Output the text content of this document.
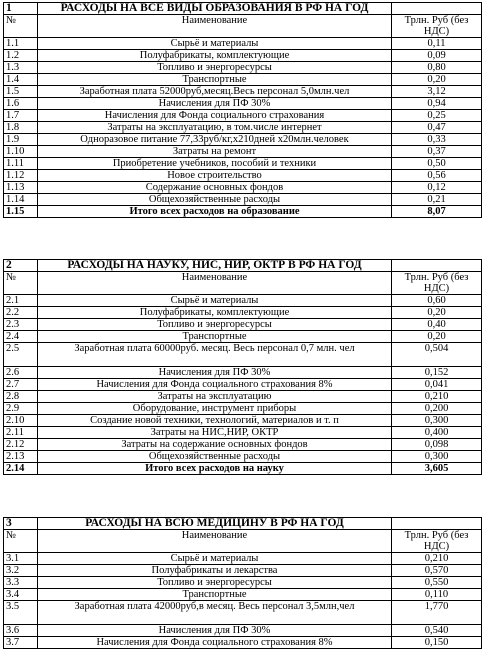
1	РАСХОДЫ НА ВСЕ ВИДЫ ОБРАЗОВАНИЯ В РФ НА ГОД	
№	Наименование	Трлн. Руб (без НДС)
1.1	Сырьё и материалы	0,11
1.2	Полуфабрикаты, комплектующие	0,09
1.3	Топливо и энергоресурсы	0,80
1.4	Транспортные	0,20
1.5	Заработная плата 52000руб,месяц.Весь персонал 5,0млн.чел	3,12
1.6	Начисления для ПФ 30%	0,94
1.7	Начисления для Фонда социального страхования	0,25
1.8	Затраты на эксплуатацию, в том.числе интернет	0,47
1.9	Одноразовое питание 77,33руб/кг,х210дней х20млн.человек	0,33
1.10	Затраты на ремонт	0,37
1.11	Приобретение учебников, пособий и техники	0,50
1.12	Новое строительство	0,56
1.13	Содержание основных фондов	0,12
1.14	Общехозяйственные расходы	0,21
1.15	Итого всех расходов на образование	8,07
2	РАСХОДЫ НА НАУКУ, НИС, НИР, ОКТР В РФ НА ГОД	
№	Наименование	Трлн. Руб (без НДС)
2.1	Сырьё и материалы	0,60
2.2	Полуфабрикаты, комплектующие	0,20
2.3	Топливо и энергоресурсы	0,40
2.4	Транспортные	0,20
2.5	Заработная плата 60000руб. месяц. Весь персонал 0,7 млн. чел	0,504
2.6	Начисления для ПФ 30%	0,152
2.7	Начисления для Фонда социального страхования 8%	0,041
2.8	Затраты на эксплуатацию	0,210
2.9	Оборудование, инструмент приборы	0,200
2.10	Создание новой техники, технологий, материалов и т. п	0,300
2.11	Затраты на НИС,НИР, ОКТР	0,400
2.12	Затраты на содержание основных фондов	0,098
2.13	Общехозяйственные расходы	0,300
2.14	Итого всех расходов на науку	3,605
3	РАСХОДЫ НА ВСЮ МЕДИЦИНУ В РФ НА ГОД	
№	Наименование	Трлн. Руб (без НДС)
3.1	Сырьё и материалы	0,210
3.2	Полуфабрикаты и лекарства	0,570
3.3	Топливо и энергоресурсы	0,550
3.4	Транспортные	0,110
3.5	Заработная плата 42000руб,в месяц. Весь персонал 3,5млн,чел	1,770
3.6	Начисления для ПФ 30%	0,540
3.7	Начисления для Фонда социального страхования 8%	0,150
